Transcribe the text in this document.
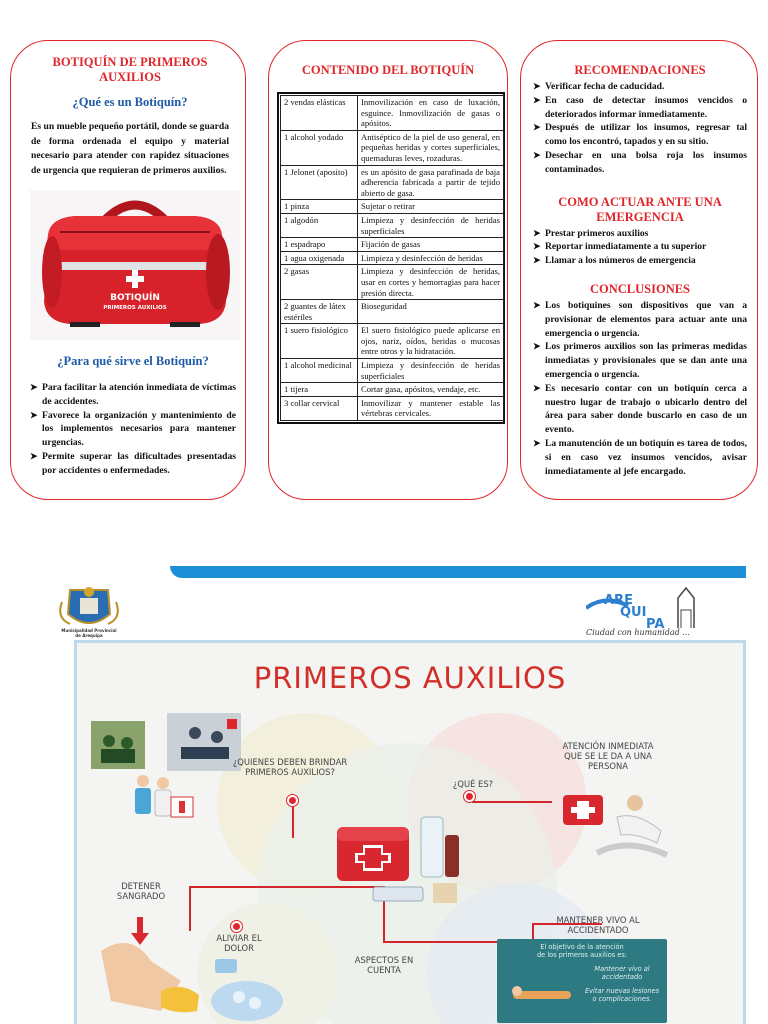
BOTIQUÍN DE PRIMEROS AUXILIOS
¿Qué es un Botiquín?

Es un mueble pequeño portátil, donde se guarda de forma ordenada el equipo y material necesario para atender con rapidez situaciones de urgencia que requieran de primeros auxilios.

BOTIQUÍN
PRIMEROS AUXILIOS
¿Para qué sirve el Botiquín?
➤ Para facilitar la atención inmediata de víctimas de accidentes.
➤ Favorece la organización y mantenimiento de los implementos necesarios para mantener urgencias.
➤ Permite superar las dificultades presentadas por accidentes o enfermedades.
CONTENIDO DEL BOTIQUÍN
2 vendas elásticas	Inmovilización en caso de luxación, esguince. Inmovilización de gasas o apósitos.
1 alcohol yodado	Antiséptico de la piel de uso general, en pequeñas heridas y cortes superficiales, quemaduras leves, rozaduras.
1 Jelonet (aposito)	es un apósito de gasa parafinada de baja adherencia fabricada a partir de tejido abierto de gasa.
1 pinza	Sujetar o retirar
1 algodón	Limpieza y desinfección de heridas superficiales
1 espadrapo	Fijación de gasas
1 agua oxigenada	Limpieza y desinfección de heridas
2 gasas	Limpieza y desinfección de heridas, usar en cortes y hemorragias para hacer presión directa.
2 guantes de látex estériles	Bioseguridad
1 suero fisiológico	El suero fisiológico puede aplicarse en ojos, nariz, oídos, heridas o mucosas entre otros y la hidratación.
1 alcohol medicinal	Limpieza y desinfección de heridas superficiales
1 tijera	Cortar gasa, apósitos, vendaje, etc.
3 collar cervical	Inmovilizar y mantener estable las vértebras cervicales.
RECOMENDACIONES
➤ Verificar fecha de caducidad.
➤ En caso de detectar insumos vencidos o deteriorados informar inmediatamente.
➤ Después de utilizar los insumos, regresar tal como los encontró, tapados y en su sitio.
➤ Desechar en una bolsa roja los insumos contaminados.
COMO ACTUAR ANTE UNA EMERGENCIA
➤ Prestar primeros auxilios
➤ Reportar inmediatamente a tu superior
➤ Llamar a los números de emergencia
CONCLUSIONES
➤ Los botiquines son dispositivos que van a provisionar de elementos para actuar ante una emergencia o urgencia.
➤ Los primeros auxilios son las primeras medidas inmediatas y provisionales que se dan ante una emergencia o urgencia.
➤ Es necesario contar con un botiquín cerca a nuestro lugar de trabajo o ubicarlo dentro del área para saber donde buscarlo en caso de un evento.
➤ La manutención de un botiquín es tarea de todos, si en caso vez insumos vencidos, avisar inmediatamente al jefe encargado.
Municipalidad Provincial
de Arequipa
ARE
QUI
PA
Ciudad con humanidad ...
PRIMEROS AUXILIOS
¿QUIENES DEBEN BRINDAR PRIMEROS AUXILIOS?
¿QUÉ ES?
ATENCIÓN INMEDIATA QUE SE LE DA A UNA PERSONA
DETENER SANGRADO
ALIVIAR EL DOLOR
ASPECTOS EN CUENTA
MANTENER VIVO AL ACCIDENTADO
El objetivo de la atención
de los primeros auxilios es:
Mantener vivo al accidentado
Evitar nuevas lesiones o complicaciones.
